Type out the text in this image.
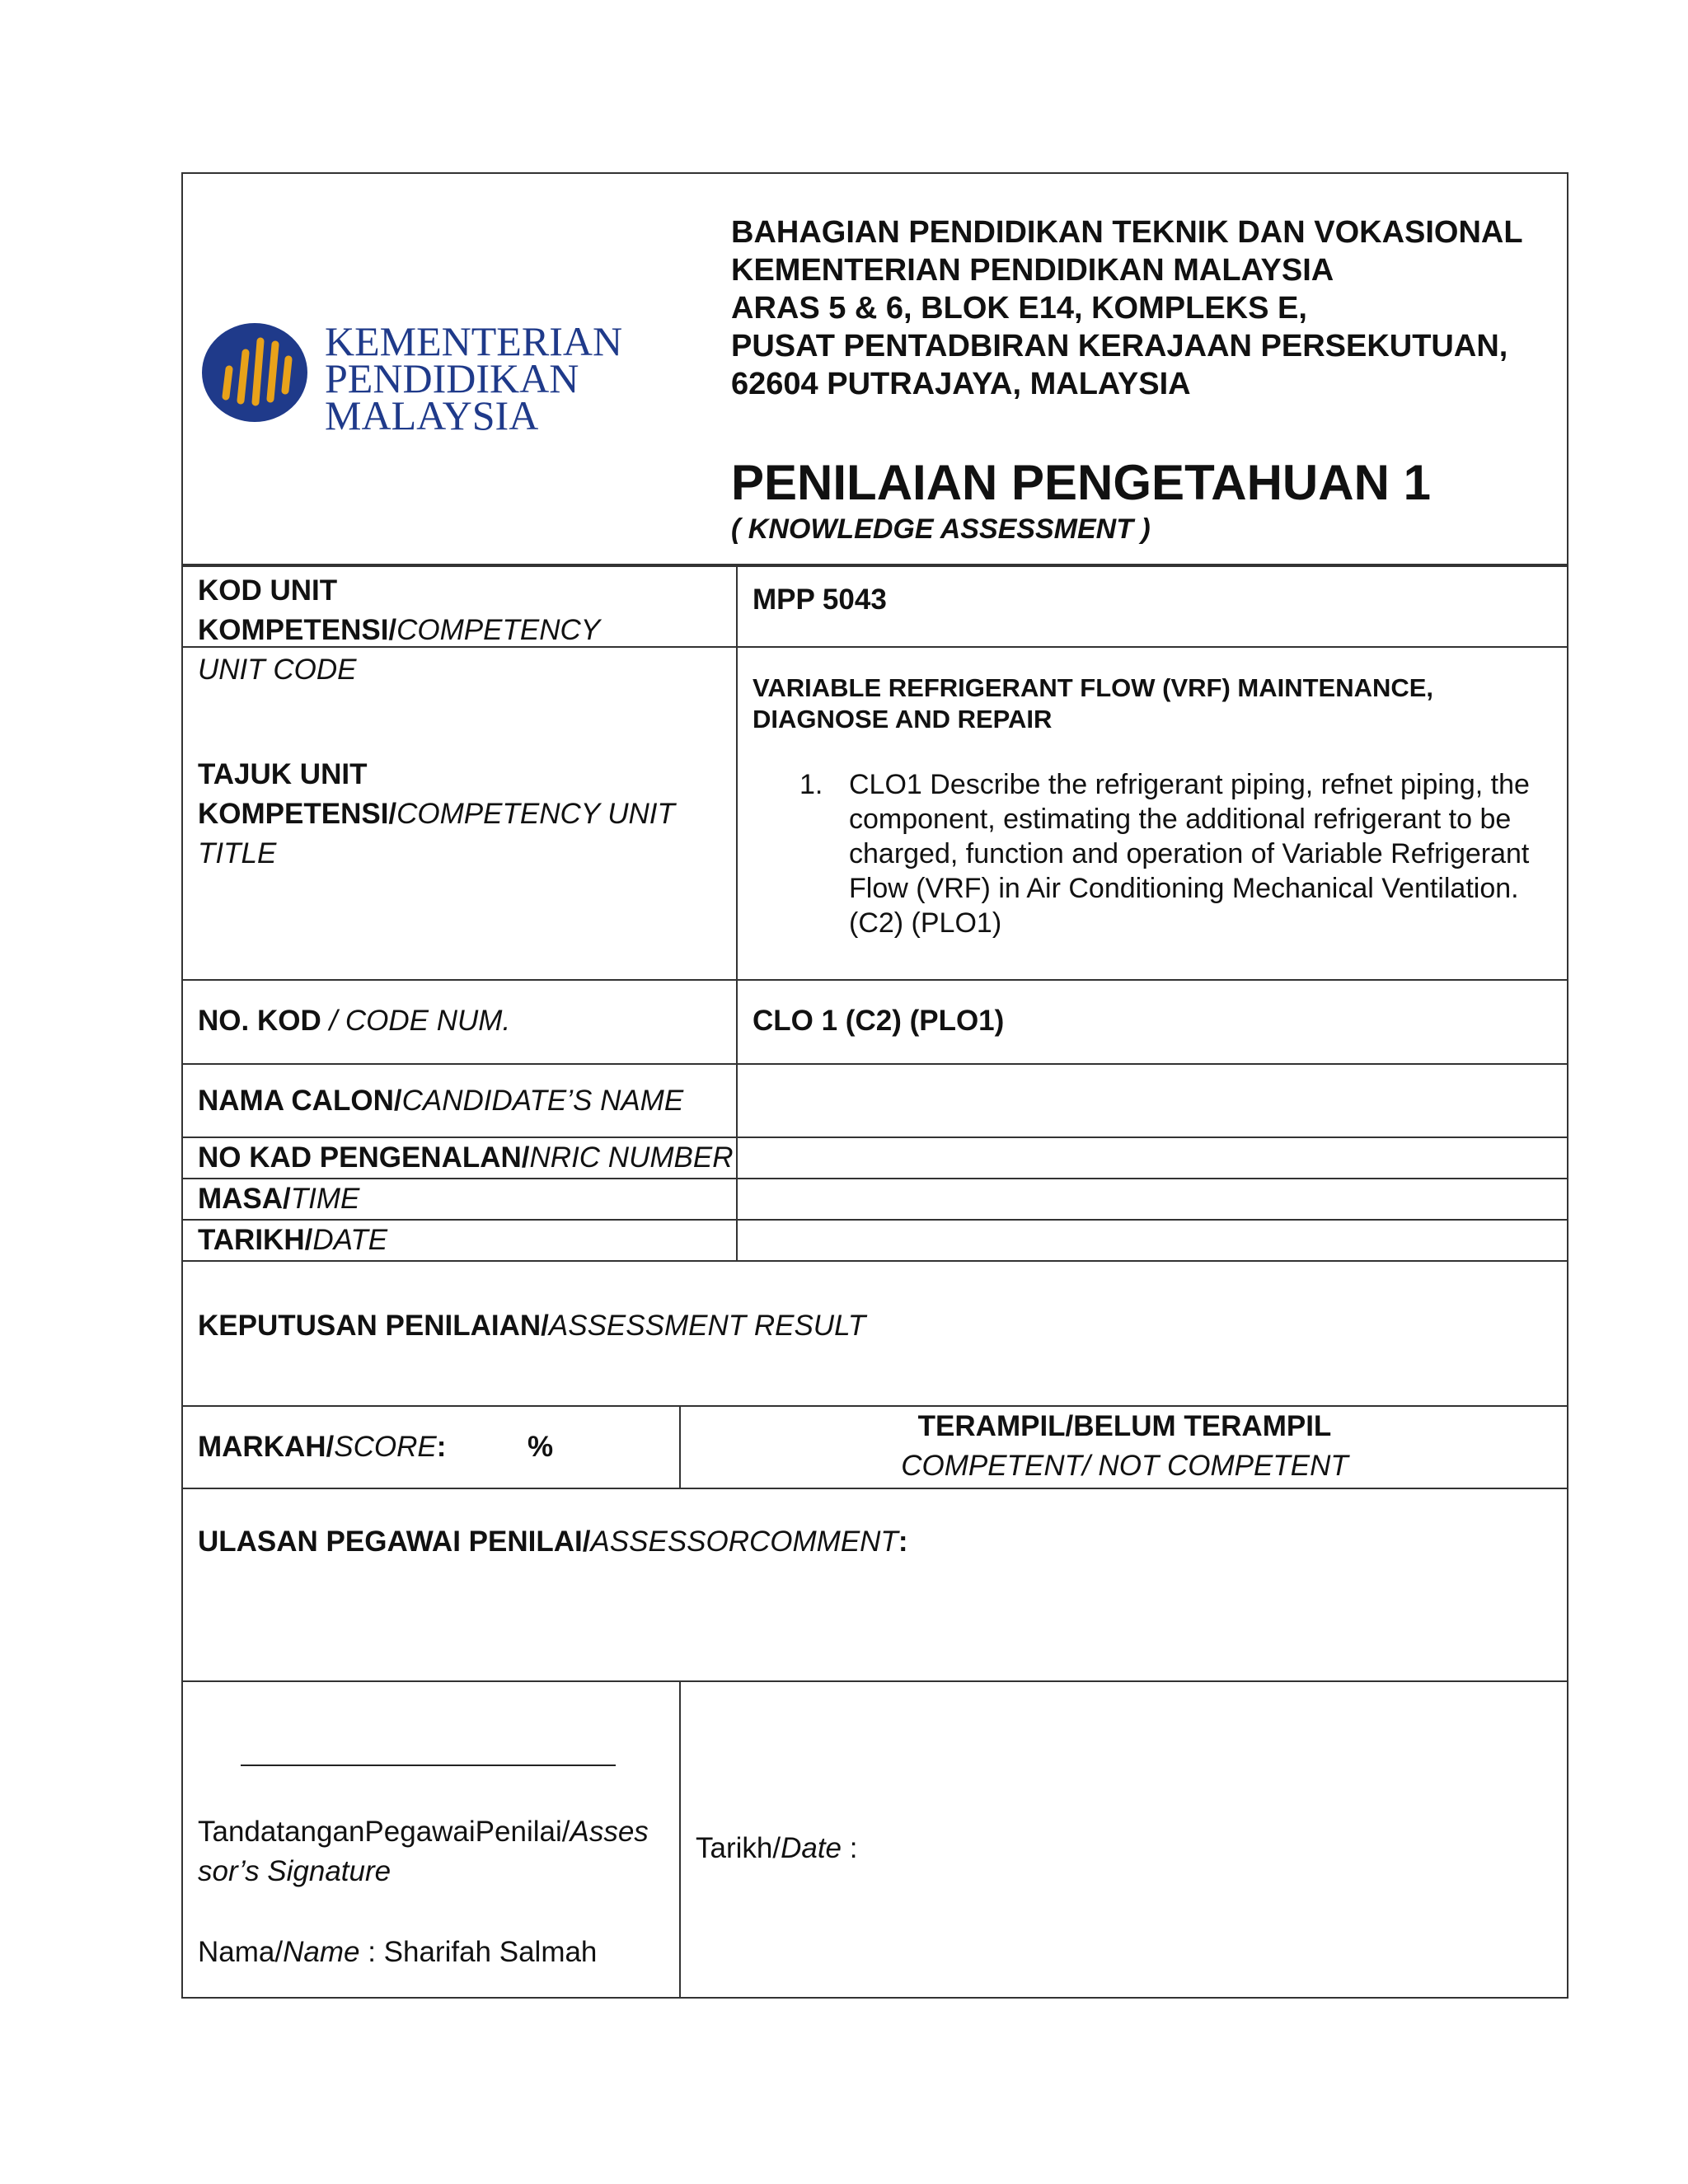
KEMENTERIAN
PENDIDIKAN
MALAYSIA
BAHAGIAN PENDIDIKAN TEKNIK DAN VOKASIONAL
KEMENTERIAN PENDIDIKAN MALAYSIA
ARAS 5 & 6, BLOK E14, KOMPLEKS E,
PUSAT PENTADBIRAN KERAJAAN PERSEKUTUAN,
62604 PUTRAJAYA, MALAYSIA
PENILAIAN PENGETAHUAN 1
( KNOWLEDGE ASSESSMENT )
KOD UNIT KOMPETENSI/COMPETENCY
UNIT CODE
MPP 5043
TAJUK UNIT
KOMPETENSI/COMPETENCY UNIT
TITLE
VARIABLE REFRIGERANT FLOW (VRF) MAINTENANCE,
DIAGNOSE AND REPAIR
1. CLO1 Describe the refrigerant piping, refnet piping, the component, estimating the additional refrigerant to be charged, function and operation of Variable Refrigerant Flow (VRF) in Air Conditioning Mechanical Ventilation. (C2) (PLO1)
NO. KOD / CODE NUM.	CLO 1 (C2) (PLO1)
NAMA CALON/CANDIDATE’S NAME
NO KAD PENGENALAN/NRIC NUMBER
MASA/TIME
TARIKH/DATE
KEPUTUSAN PENILAIAN/ASSESSMENT RESULT
MARKAH/SCORE:	%
TERAMPIL/BELUM TERAMPIL
COMPETENT/ NOT COMPETENT
ULASAN PEGAWAI PENILAI/ASSESSORCOMMENT:
TandatanganPegawaiPenilai/Asses
sor’s Signature
Nama/Name : Sharifah Salmah
Tarikh/Date :
